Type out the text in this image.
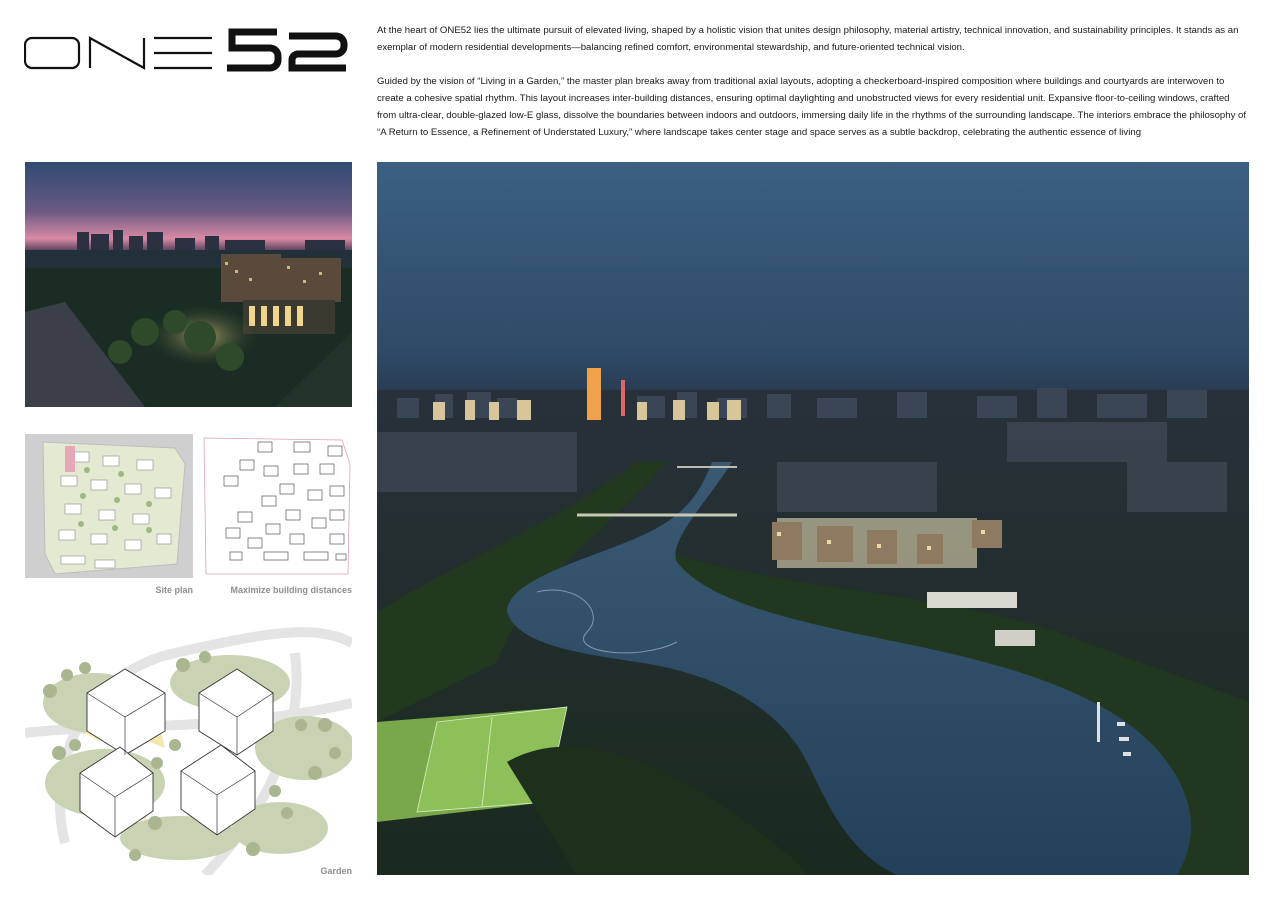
At the heart of ONE52 lies the ultimate pursuit of elevated living, shaped by a holistic vision that unites design philosophy, material artistry, technical innovation, and sustainability principles. It stands as an exemplar of modern residential developments—balancing refined comfort, environmental stewardship, and future-oriented technical vision.

Guided by the vision of “Living in a Garden,” the master plan breaks away from traditional axial layouts, adopting a checkerboard-inspired composition where buildings and courtyards are interwoven to create a cohesive spatial rhythm. This layout increases inter-building distances, ensuring optimal daylighting and unobstructed views for every residential unit. Expansive floor-to-ceiling windows, crafted from ultra-clear, double-glazed low-E glass, dissolve the boundaries between indoors and outdoors, immersing daily life in the rhythms of the surrounding landscape. The interiors embrace the philosophy of “A Return to Essence, a Refinement of Understated Luxury,” where landscape takes center stage and space serves as a subtle backdrop, celebrating the authentic essence of living

Site plan	Maximize building distances
Garden
